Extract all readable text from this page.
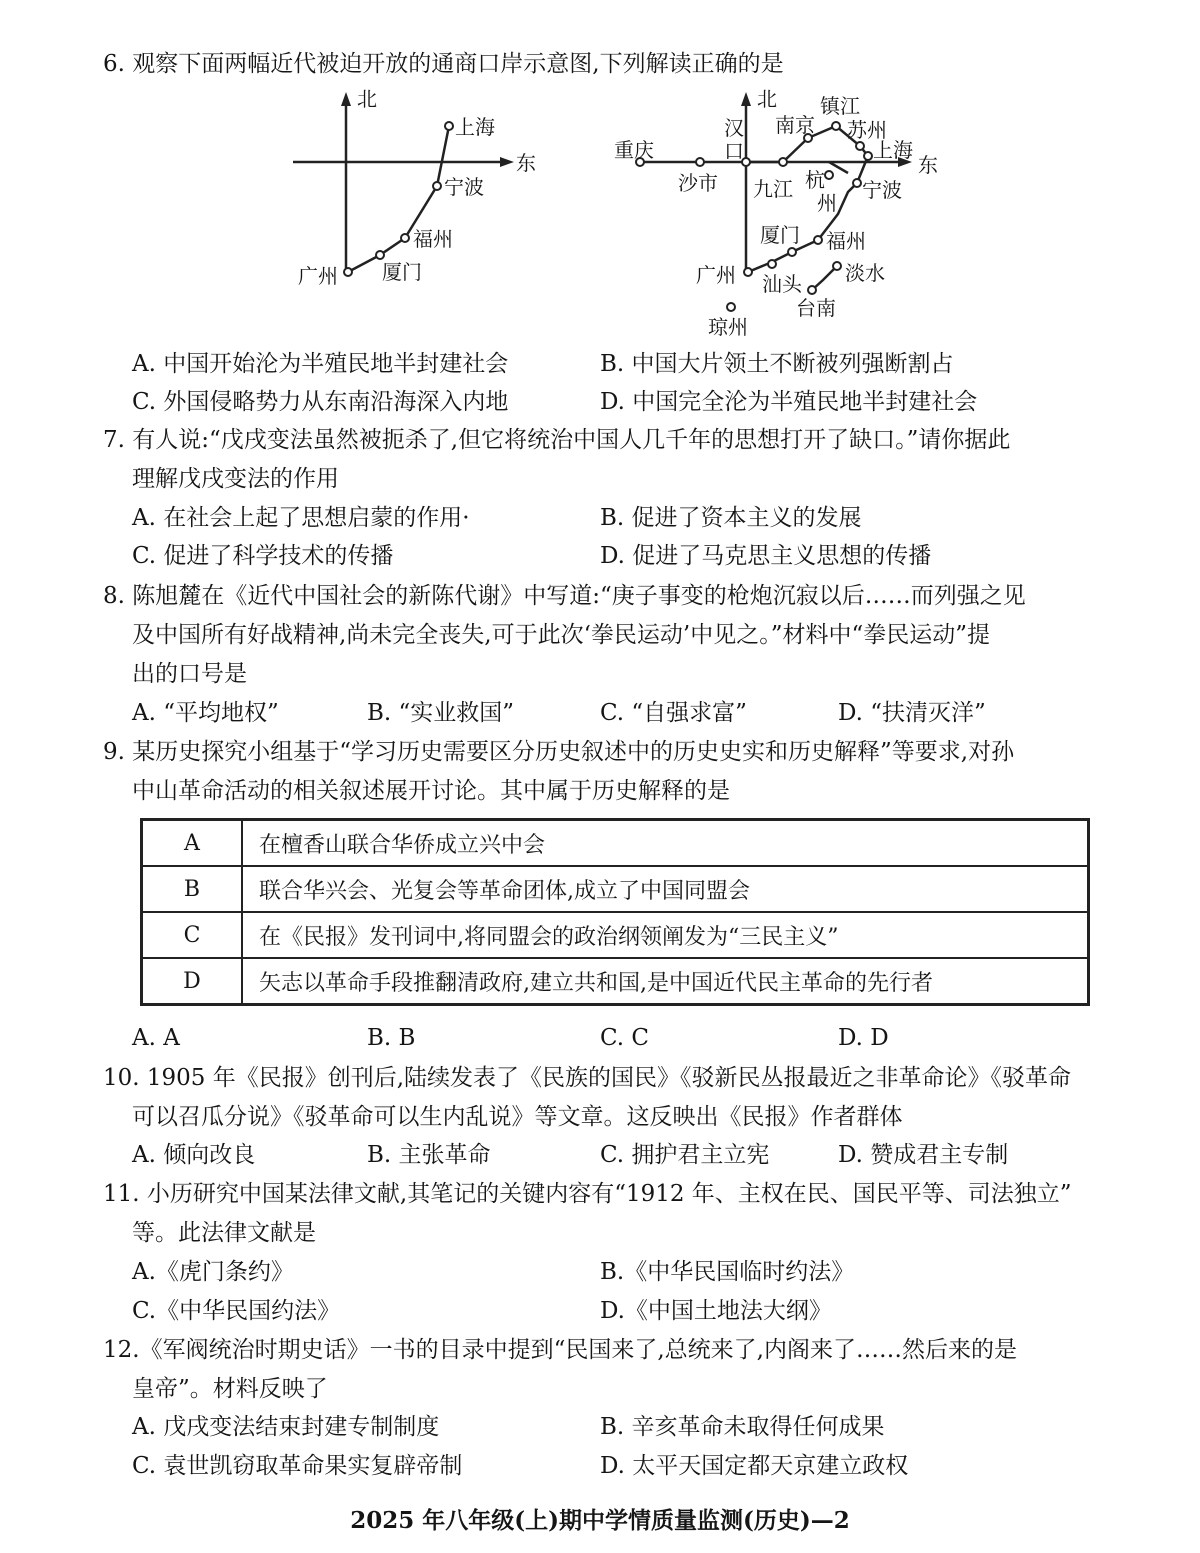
6. 观察下面两幅近代被迫开放的通商口岸示意图,下列解读正确的是
北
东
上海
宁波
福州
厦门
广州
北
东
重庆
沙市
汉
口
南京
镇江
苏州
上海
九江 杭
州
宁波
厦门 福州
广州 汕头 淡水
台南
琼州
A. 中国开始沦为半殖民地半封建社会	B. 中国大片领土不断被列强断割占
C. 外国侵略势力从东南沿海深入内地	D. 中国完全沦为半殖民地半封建社会
7. 有人说:“戊戌变法虽然被扼杀了,但它将统治中国人几千年的思想打开了缺口。”请你据此
理解戊戌变法的作用
A. 在社会上起了思想启蒙的作用·	B. 促进了资本主义的发展
C. 促进了科学技术的传播	D. 促进了马克思主义思想的传播
8. 陈旭麓在《近代中国社会的新陈代谢》中写道:“庚子事变的枪炮沉寂以后……而列强之见
及中国所有好战精神,尚未完全丧失,可于此次‘拳民运动’中见之。”材料中“拳民运动”提
出的口号是
A. “平均地权”	B. “实业救国”	C. “自强求富”	D. “扶清灭洋”
9. 某历史探究小组基于“学习历史需要区分历史叙述中的历史史实和历史解释”等要求,对孙
中山革命活动的相关叙述展开讨论。其中属于历史解释的是
A	在檀香山联合华侨成立兴中会
B	联合华兴会、光复会等革命团体,成立了中国同盟会
C	在《民报》发刊词中,将同盟会的政治纲领阐发为“三民主义”
D	矢志以革命手段推翻清政府,建立共和国,是中国近代民主革命的先行者
A. A	B. B	C. C	D. D
10. 1905 年《民报》创刊后,陆续发表了《民族的国民》《驳新民丛报最近之非革命论》《驳革命
可以召瓜分说》《驳革命可以生内乱说》等文章。这反映出《民报》作者群体
A. 倾向改良	B. 主张革命	C. 拥护君主立宪	D. 赞成君主专制
11. 小历研究中国某法律文献,其笔记的关键内容有“1912 年、主权在民、国民平等、司法独立”
等。此法律文献是
A.《虎门条约》	B.《中华民国临时约法》
C.《中华民国约法》	D.《中国土地法大纲》
12.《军阀统治时期史话》一书的目录中提到“民国来了,总统来了,内阁来了……然后来的是
皇帝”。材料反映了
A. 戊戌变法结束封建专制制度	B. 辛亥革命未取得任何成果
C. 袁世凯窃取革命果实复辟帝制	D. 太平天国定都天京建立政权
2025 年八年级(上)期中学情质量监测(历史)—2
